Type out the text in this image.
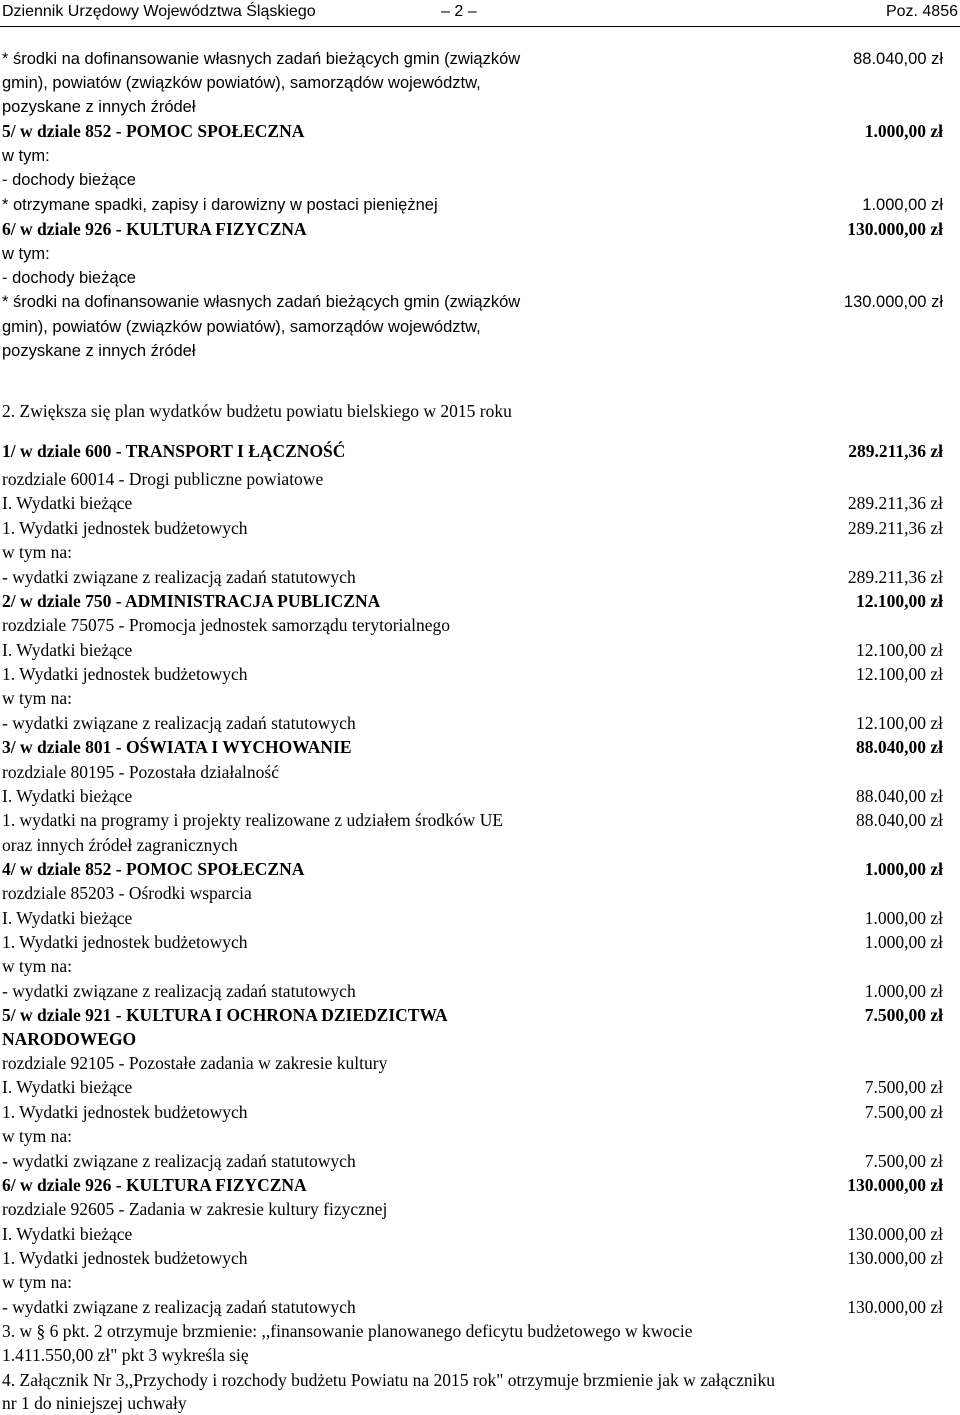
Dziennik Urzędowy Województwa Śląskiego	– 2 –	Poz. 4856
* środki na dofinansowanie własnych zadań bieżących gmin (związków	88.040,00 zł
gmin), powiatów (związków powiatów), samorządów województw,
pozyskane z innych źródeł
5/ w dziale 852 - POMOC SPOŁECZNA	1.000,00 zł
w tym:
- dochody bieżące
* otrzymane spadki, zapisy i darowizny w postaci pieniężnej	1.000,00 zł
6/ w dziale 926 - KULTURA FIZYCZNA	130.000,00 zł
w tym:
- dochody bieżące
* środki na dofinansowanie własnych zadań bieżących gmin (związków	130.000,00 zł
gmin), powiatów (związków powiatów), samorządów województw,
pozyskane z innych źródeł
2. Zwiększa się plan wydatków budżetu powiatu bielskiego w 2015 roku
1/ w dziale 600 - TRANSPORT I ŁĄCZNOŚĆ	289.211,36 zł
rozdziale 60014 - Drogi publiczne powiatowe
I. Wydatki bieżące	289.211,36 zł
1. Wydatki jednostek budżetowych	289.211,36 zł
w tym na:
- wydatki związane z realizacją zadań statutowych	289.211,36 zł
2/ w dziale 750 - ADMINISTRACJA PUBLICZNA	12.100,00 zł
rozdziale 75075 - Promocja jednostek samorządu terytorialnego
I. Wydatki bieżące	12.100,00 zł
1. Wydatki jednostek budżetowych	12.100,00 zł
w tym na:
- wydatki związane z realizacją zadań statutowych	12.100,00 zł
3/ w dziale 801 - OŚWIATA I WYCHOWANIE	88.040,00 zł
rozdziale 80195 - Pozostała działalność
I. Wydatki bieżące	88.040,00 zł
1. wydatki na programy i projekty realizowane z udziałem środków UE	88.040,00 zł
oraz innych źródeł zagranicznych
4/ w dziale 852 - POMOC SPOŁECZNA	1.000,00 zł
rozdziale 85203 - Ośrodki wsparcia
I. Wydatki bieżące	1.000,00 zł
1. Wydatki jednostek budżetowych	1.000,00 zł
w tym na:
- wydatki związane z realizacją zadań statutowych	1.000,00 zł
5/ w dziale 921 - KULTURA I OCHRONA DZIEDZICTWA	7.500,00 zł
NARODOWEGO
rozdziale 92105 - Pozostałe zadania w zakresie kultury
I. Wydatki bieżące	7.500,00 zł
1. Wydatki jednostek budżetowych	7.500,00 zł
w tym na:
- wydatki związane z realizacją zadań statutowych	7.500,00 zł
6/ w dziale 926 - KULTURA FIZYCZNA	130.000,00 zł
rozdziale 92605 - Zadania w zakresie kultury fizycznej
I. Wydatki bieżące	130.000,00 zł
1. Wydatki jednostek budżetowych	130.000,00 zł
w tym na:
- wydatki związane z realizacją zadań statutowych	130.000,00 zł
3. w § 6 pkt. 2 otrzymuje brzmienie: ,,finansowanie planowanego deficytu budżetowego w kwocie
1.411.550,00 zł" pkt 3 wykreśla się
4. Załącznik Nr 3,,Przychody i rozchody budżetu Powiatu na 2015 rok" otrzymuje brzmienie jak w załączniku
nr 1 do niniejszej uchwały
